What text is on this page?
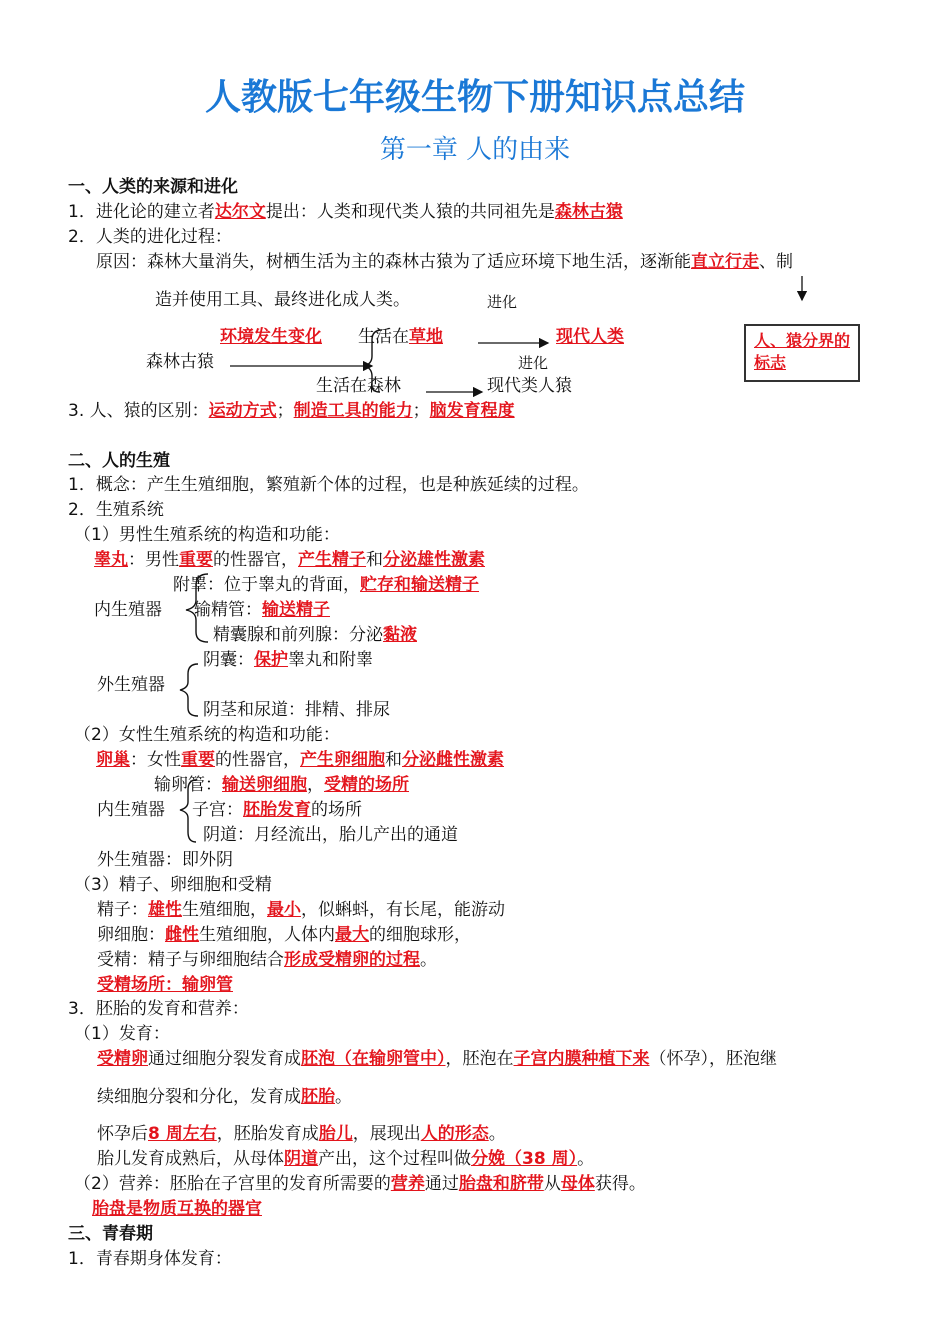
人教版七年级生物下册知识点总结
第一章 人的由来
一、人类的来源和进化
1．进化论的建立者达尔文提出：人类和现代类人猿的共同祖先是森林古猿
2．人类的进化过程：
原因：森林大量消失，树栖生活为主的森林古猿为了适应环境下地生活，逐渐能直立行走、制
造并使用工具、最终进化成人类。	进化
环境发生变化 生活在草地	现代人类
森林古猿	进化
生活在森林	现代类人猿
人、猿分界的标志
3. 人、猿的区别：运动方式；制造工具的能力；脑发育程度
二、人的生殖
1．概念：产生生殖细胞，繁殖新个体的过程，也是种族延续的过程。
2．生殖系统
（1）男性生殖系统的构造和功能：
睾丸：男性重要的性器官，产生精子和分泌雄性激素
附睾：位于睾丸的背面，贮存和输送精子
内生殖器 输精管：输送精子
精囊腺和前列腺：分泌黏液
阴囊：保护睾丸和附睾
外生殖器
阴茎和尿道：排精、排尿
（2）女性生殖系统的构造和功能：
卵巢：女性重要的性器官，产生卵细胞和分泌雌性激素
输卵管：输送卵细胞，受精的场所
内生殖器 子宫：胚胎发育的场所
阴道：月经流出，胎儿产出的通道
外生殖器：即外阴
（3）精子、卵细胞和受精
精子：雄性生殖细胞，最小，似蝌蚪，有长尾，能游动
卵细胞：雌性生殖细胞，人体内最大的细胞球形，
受精：精子与卵细胞结合形成受精卵的过程。
受精场所：输卵管
3．胚胎的发育和营养：
（1）发育：
受精卵通过细胞分裂发育成胚泡（在输卵管中），胚泡在子宫内膜种植下来（怀孕），胚泡继
续细胞分裂和分化，发育成胚胎。
怀孕后8 周左右，胚胎发育成胎儿，展现出人的形态。
胎儿发育成熟后，从母体阴道产出，这个过程叫做分娩（38 周）。
（2）营养：胚胎在子宫里的发育所需要的营养通过胎盘和脐带从母体获得。
胎盘是物质互换的器官
三、青春期
1．青春期身体发育：
